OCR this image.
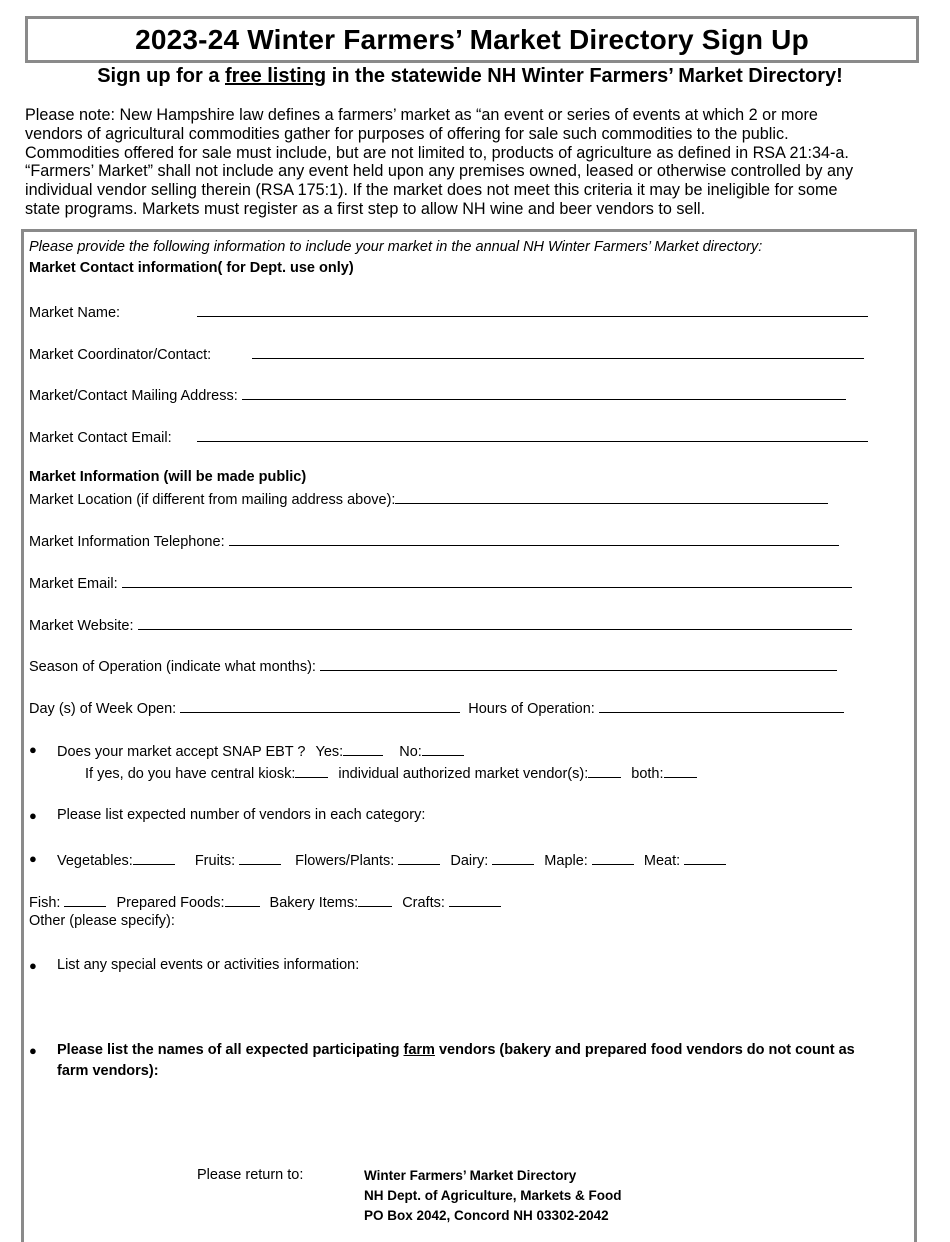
2023-24 Winter Farmers’ Market Directory Sign Up
Sign up for a free listing in the statewide NH Winter Farmers’ Market Directory!
Please note: New Hampshire law defines a farmers’ market as “an event or series of events at which 2 or more
vendors of agricultural commodities gather for purposes of offering for sale such commodities to the public.
Commodities offered for sale must include, but are not limited to, products of agriculture as defined in RSA 21:34-a.
“Farmers’ Market” shall not include any event held upon any premises owned, leased or otherwise controlled by any
individual vendor selling therein (RSA 175:1). If the market does not meet this criteria it may be ineligible for some
state programs. Markets must register as a first step to allow NH wine and beer vendors to sell.
Please provide the following information to include your market in the annual NH Winter Farmers’ Market directory:
Market Contact information( for Dept. use only)
Market Name:
Market Coordinator/Contact:
Market/Contact Mailing Address:
Market Contact Email:
Market Information (will be made public)
Market Location (if different from mailing address above):
Market Information Telephone:
Market Email:
Market Website:
Season of Operation (indicate what months):
Day (s) of Week Open:	Hours of Operation:
● Does your market accept SNAP EBT ? Yes:	No:
If yes, do you have central kiosk:	individual authorized market vendor(s):	both:
● Please list expected number of vendors in each category:
● Vegetables:	Fruits:	Flowers/Plants:	Dairy:	Maple:	Meat:
Fish:	Prepared Foods:	Bakery Items:	Crafts:
Other (please specify):
● List any special events or activities information:
● Please list the names of all expected participating farm vendors (bakery and prepared food vendors do not count as
farm vendors):
Please return to:	Winter Farmers’ Market Directory
NH Dept. of Agriculture, Markets & Food
PO Box 2042, Concord NH 03302-2042
